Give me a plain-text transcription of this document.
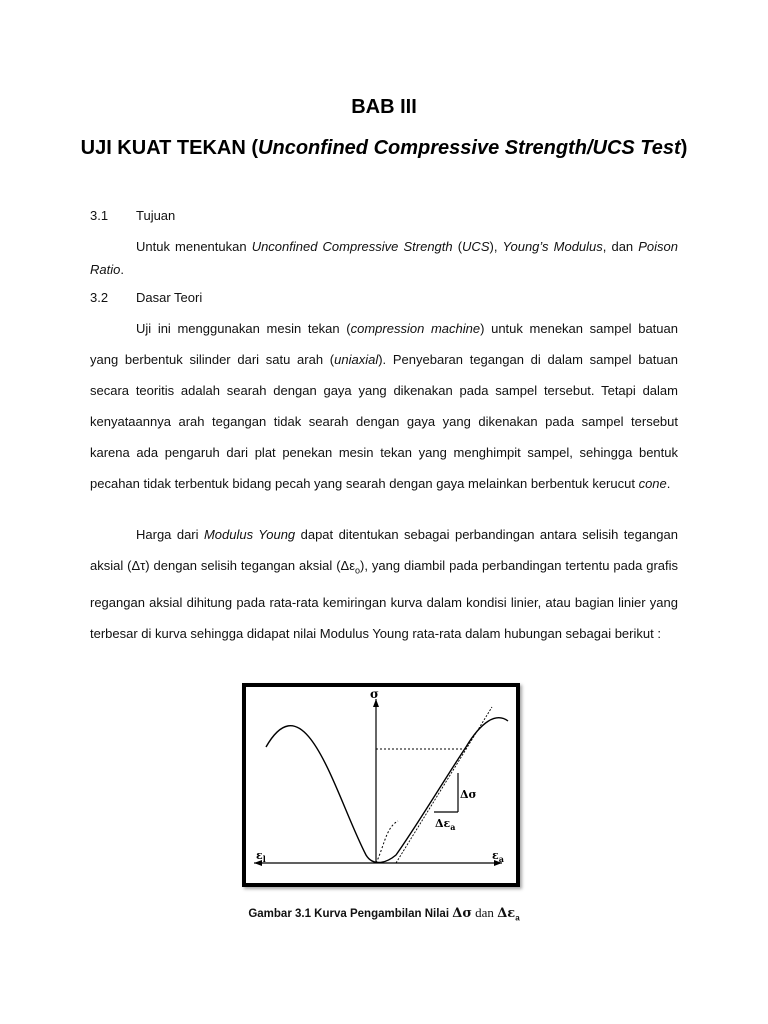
BAB III
UJI KUAT TEKAN (Unconfined Compressive Strength/UCS Test)
3.1 Tujuan

Untuk menentukan Unconfined Compressive Strength (UCS), Young’s Modulus, dan Poison Ratio.

3.2 Dasar Teori

Uji ini menggunakan mesin tekan (compression machine) untuk menekan sampel batuan yang berbentuk silinder dari satu arah (uniaxial). Penyebaran tegangan di dalam sampel batuan secara teoritis adalah searah dengan gaya yang dikenakan pada sampel tersebut. Tetapi dalam kenyataannya arah tegangan tidak searah dengan gaya yang dikenakan pada sampel tersebut karena ada pengaruh dari plat penekan mesin tekan yang menghimpit sampel, sehingga bentuk pecahan tidak terbentuk bidang pecah yang searah dengan gaya melainkan berbentuk kerucut cone.

Harga dari Modulus Young dapat ditentukan sebagai perbandingan antara selisih tegangan aksial (Δτ) dengan selisih tegangan aksial $(\Delta\varepsilon_o)$, yang diambil pada perbandingan tertentu pada grafis regangan aksial dihitung pada rata-rata kemiringan kurva dalam kondisi linier, atau bagian linier yang terbesar di kurva sehingga didapat nilai Modulus Young rata-rata dalam hubungan sebagai berikut :

σ
Δσ
$\Delta\varepsilon_a$
$\varepsilon_l$	$\varepsilon_a$
Gambar 3.1 Kurva Pengambilan Nilai Δσ dan $\Delta\varepsilon_a$
